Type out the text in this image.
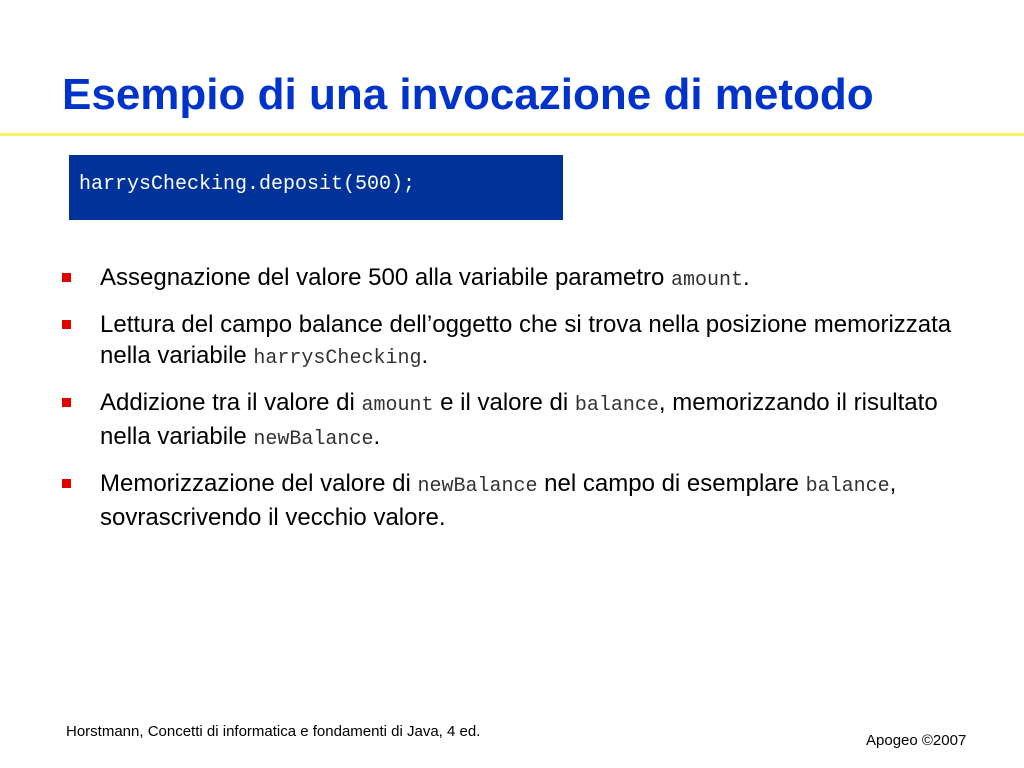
Esempio di una invocazione di metodo
harrysChecking.deposit(500);
Assegnazione del valore 500 alla variabile parametro amount.
Lettura del campo balance dell’oggetto che si trova nella posizione memorizzata nella variabile harrysChecking.
Addizione tra il valore di amount e il valore di balance, memorizzando il risultato nella variabile newBalance.
Memorizzazione del valore di newBalance nel campo di esemplare balance, sovrascrivendo il vecchio valore.
Horstmann, Concetti di informatica e fondamenti di Java, 4 ed.
Apogeo ©2007
